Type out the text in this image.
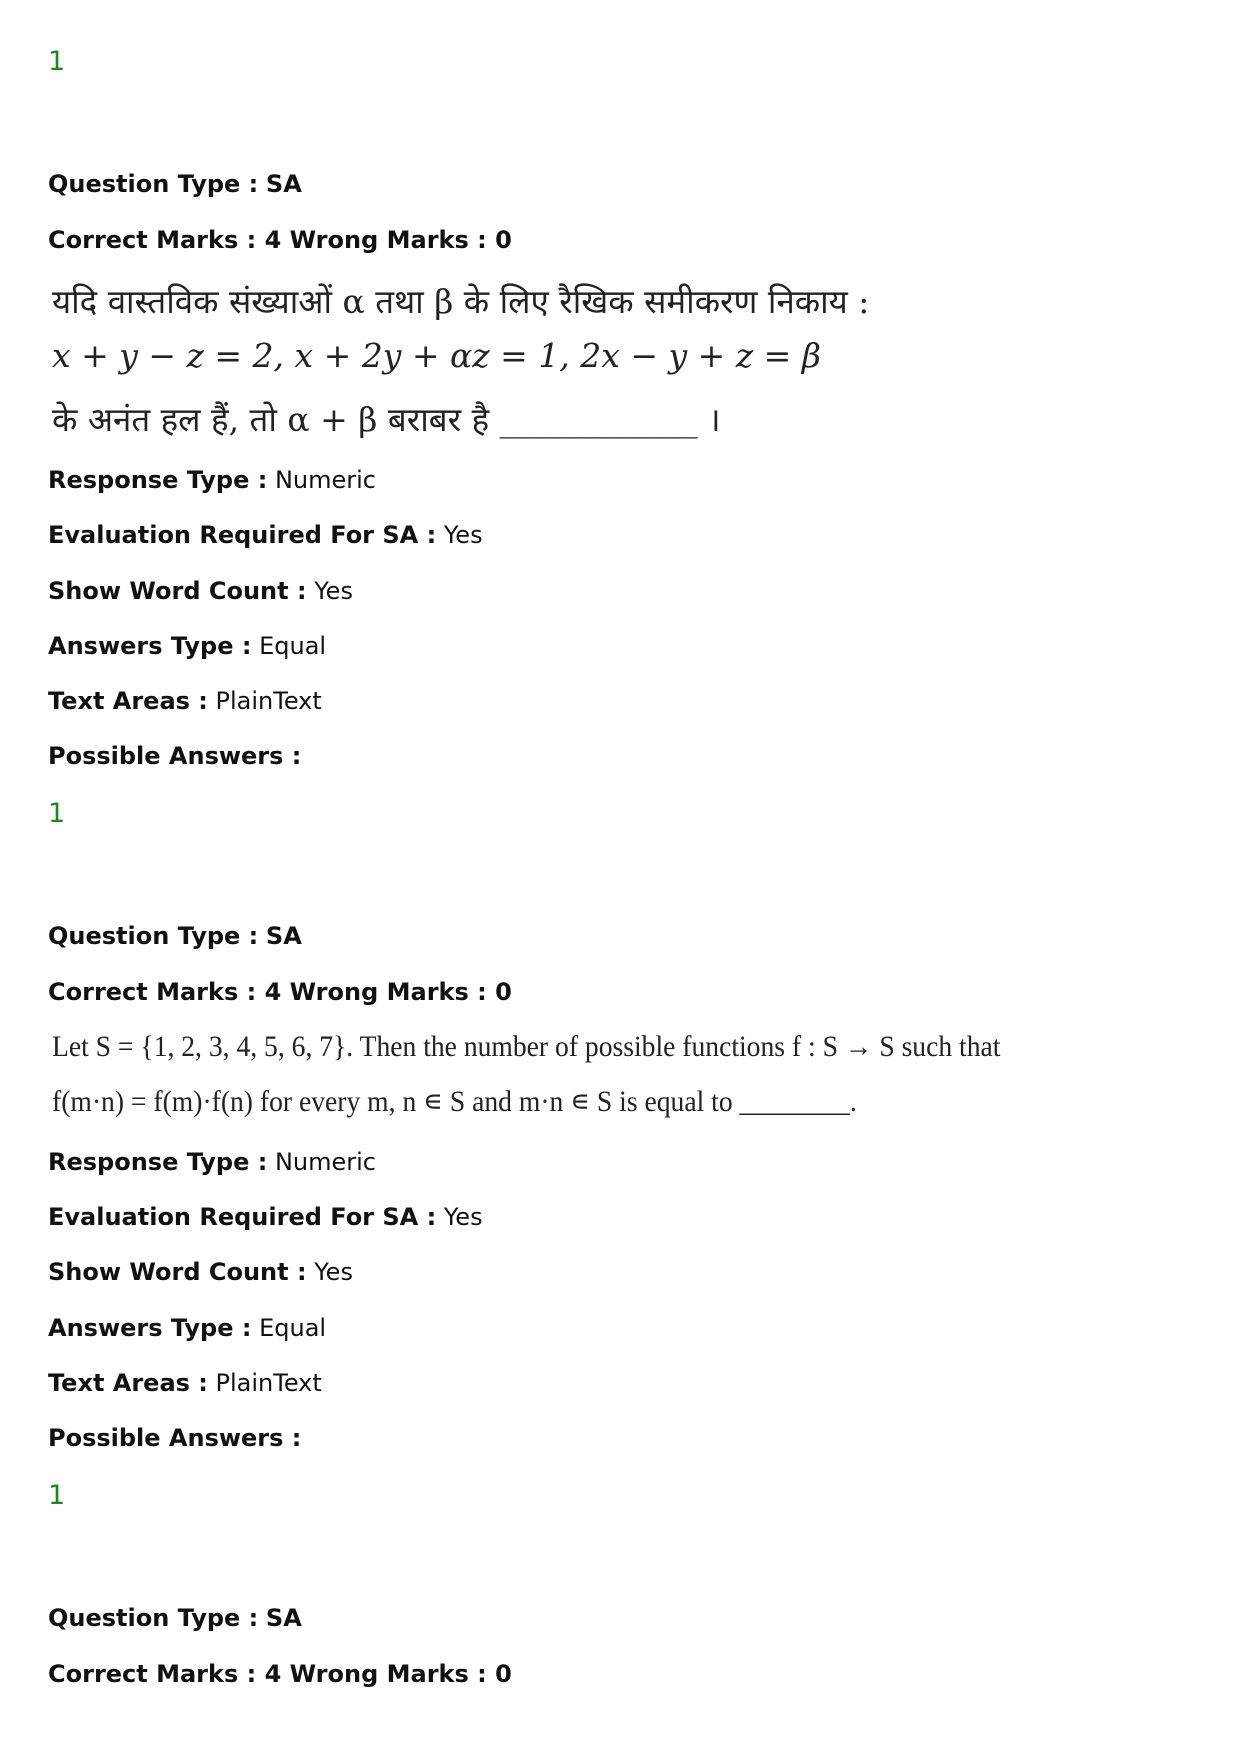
1
Question Type : SA
Correct Marks : 4 Wrong Marks : 0
यदि वास्तविक संख्याओं α तथा β के लिए रैखिक समीकरण निकाय :
x + y − z = 2, x + 2y + αz = 1, 2x − y + z = β
के अनंत हल हैं, तो α + β बराबर है ____________ ।
Response Type : Numeric
Evaluation Required For SA : Yes
Show Word Count : Yes
Answers Type : Equal
Text Areas : PlainText
Possible Answers :
1
Question Type : SA
Correct Marks : 4 Wrong Marks : 0
Let S = {1, 2, 3, 4, 5, 6, 7}. Then the number of possible functions f : S → S such that
f(m·n) = f(m)·f(n) for every m, n ∊ S and m·n ∊ S is equal to ________.
Response Type : Numeric
Evaluation Required For SA : Yes
Show Word Count : Yes
Answers Type : Equal
Text Areas : PlainText
Possible Answers :
1
Question Type : SA
Correct Marks : 4 Wrong Marks : 0
